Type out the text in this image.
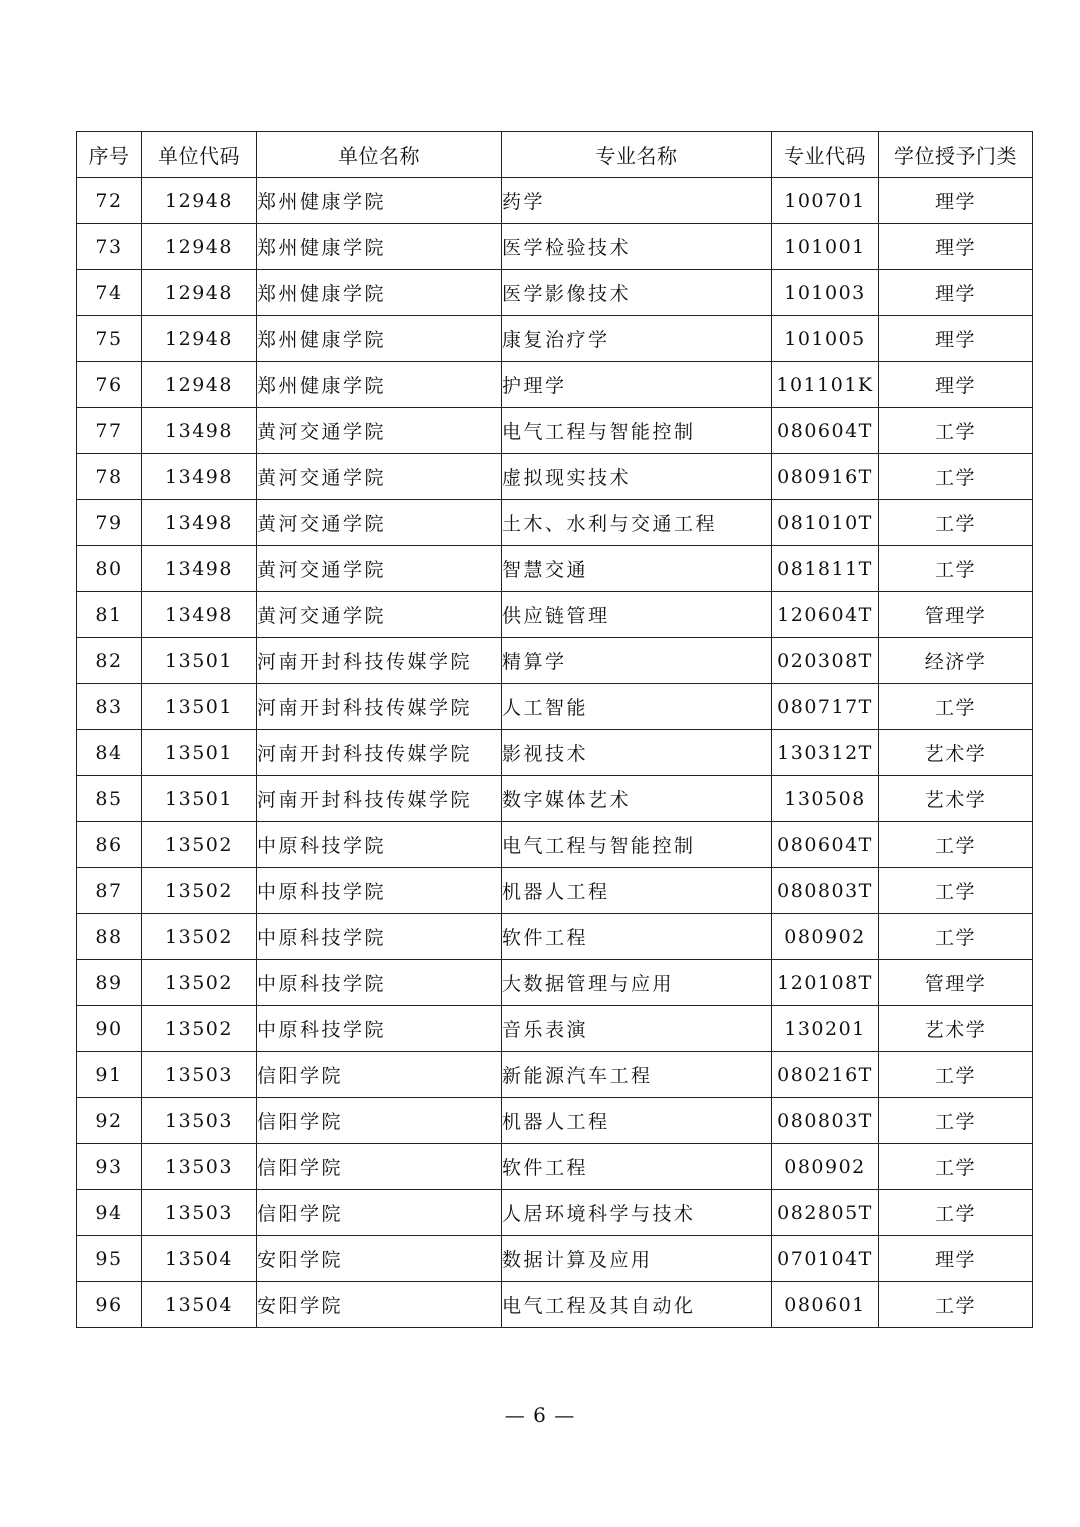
序号	单位代码	单位名称	专业名称	专业代码	学位授予门类
72	12948	郑州健康学院	药学	100701	理学
73	12948	郑州健康学院	医学检验技术	101001	理学
74	12948	郑州健康学院	医学影像技术	101003	理学
75	12948	郑州健康学院	康复治疗学	101005	理学
76	12948	郑州健康学院	护理学	101101K	理学
77	13498	黄河交通学院	电气工程与智能控制	080604T	工学
78	13498	黄河交通学院	虚拟现实技术	080916T	工学
79	13498	黄河交通学院	土木、水利与交通工程	081010T	工学
80	13498	黄河交通学院	智慧交通	081811T	工学
81	13498	黄河交通学院	供应链管理	120604T	管理学
82	13501	河南开封科技传媒学院	精算学	020308T	经济学
83	13501	河南开封科技传媒学院	人工智能	080717T	工学
84	13501	河南开封科技传媒学院	影视技术	130312T	艺术学
85	13501	河南开封科技传媒学院	数字媒体艺术	130508	艺术学
86	13502	中原科技学院	电气工程与智能控制	080604T	工学
87	13502	中原科技学院	机器人工程	080803T	工学
88	13502	中原科技学院	软件工程	080902	工学
89	13502	中原科技学院	大数据管理与应用	120108T	管理学
90	13502	中原科技学院	音乐表演	130201	艺术学
91	13503	信阳学院	新能源汽车工程	080216T	工学
92	13503	信阳学院	机器人工程	080803T	工学
93	13503	信阳学院	软件工程	080902	工学
94	13503	信阳学院	人居环境科学与技术	082805T	工学
95	13504	安阳学院	数据计算及应用	070104T	理学
96	13504	安阳学院	电气工程及其自动化	080601	工学
— 6 —
